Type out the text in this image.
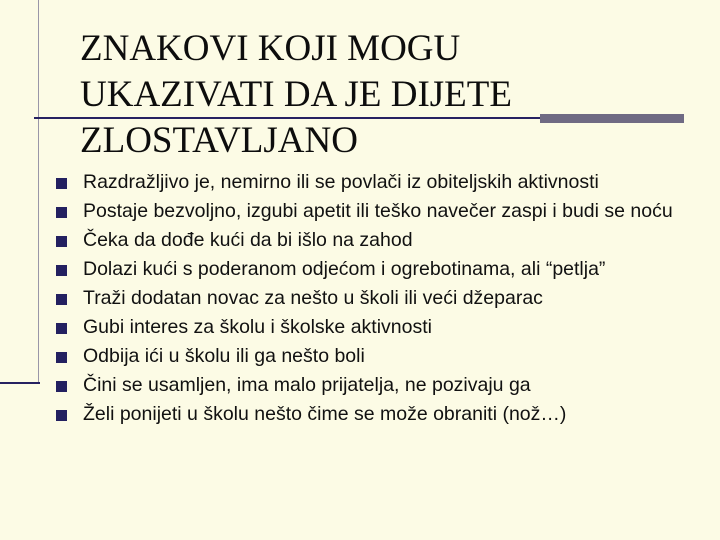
ZNAKOVI KOJI MOGU
UKAZIVATI DA JE DIJETE
ZLOSTAVLJANO
Razdražljivo je, nemirno ili se povlači iz obiteljskih aktivnosti
Postaje bezvoljno, izgubi apetit ili teško navečer zaspi i budi se noću
Čeka da dođe kući da bi išlo na zahod
Dolazi kući s poderanom odjećom i ogrebotinama, ali “petlja”
Traži dodatan novac za nešto u školi ili veći džeparac
Gubi interes za školu i školske aktivnosti
Odbija ići u školu ili ga nešto boli
Čini se usamljen, ima malo prijatelja, ne pozivaju ga
Želi ponijeti u školu nešto čime se može obraniti (nož…)
